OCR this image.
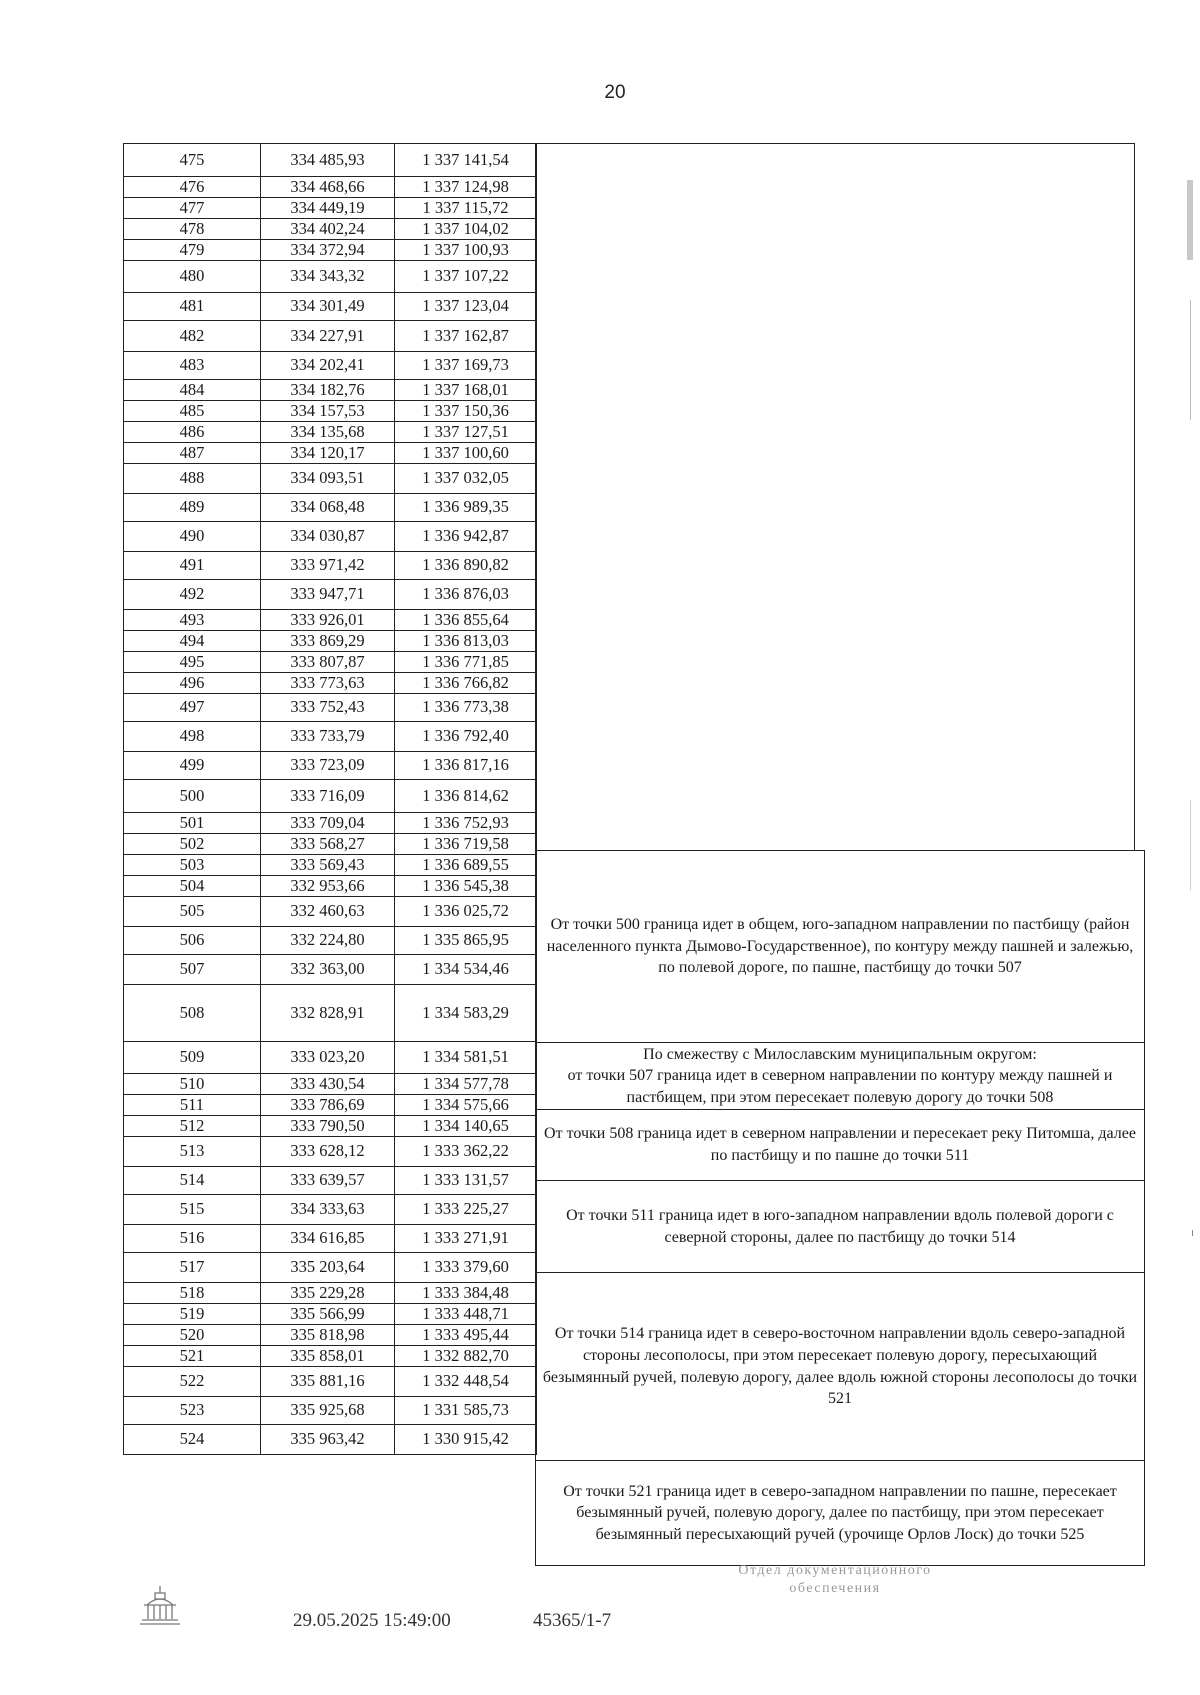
20
475	334 485,93	1 337 141,54
476	334 468,66	1 337 124,98
477	334 449,19	1 337 115,72
478	334 402,24	1 337 104,02
479	334 372,94	1 337 100,93
480	334 343,32	1 337 107,22
481	334 301,49	1 337 123,04
482	334 227,91	1 337 162,87
483	334 202,41	1 337 169,73
484	334 182,76	1 337 168,01
485	334 157,53	1 337 150,36
486	334 135,68	1 337 127,51
487	334 120,17	1 337 100,60
488	334 093,51	1 337 032,05
489	334 068,48	1 336 989,35
490	334 030,87	1 336 942,87
491	333 971,42	1 336 890,82
492	333 947,71	1 336 876,03
493	333 926,01	1 336 855,64
494	333 869,29	1 336 813,03
495	333 807,87	1 336 771,85
496	333 773,63	1 336 766,82
497	333 752,43	1 336 773,38
498	333 733,79	1 336 792,40
499	333 723,09	1 336 817,16
500	333 716,09	1 336 814,62
501	333 709,04	1 336 752,93
502	333 568,27	1 336 719,58
503	333 569,43	1 336 689,55
504	332 953,66	1 336 545,38
505	332 460,63	1 336 025,72
506	332 224,80	1 335 865,95
507	332 363,00	1 334 534,46
508	332 828,91	1 334 583,29
509	333 023,20	1 334 581,51
510	333 430,54	1 334 577,78
511	333 786,69	1 334 575,66
512	333 790,50	1 334 140,65
513	333 628,12	1 333 362,22
514	333 639,57	1 333 131,57
515	334 333,63	1 333 225,27
516	334 616,85	1 333 271,91
517	335 203,64	1 333 379,60
518	335 229,28	1 333 384,48
519	335 566,99	1 333 448,71
520	335 818,98	1 333 495,44
521	335 858,01	1 332 882,70
522	335 881,16	1 332 448,54
523	335 925,68	1 331 585,73
524	335 963,42	1 330 915,42
От точки 500 граница идет в общем, юго-западном направлении по пастбищу (район населенного пункта Дымово-Государственное), по контуру между пашней и залежью, по полевой дороге, по пашне, пастбищу до точки 507
По смежеству с Милославским муниципальным округом:
от точки 507 граница идет в северном направлении по контуру между пашней и пастбищем, при этом пересекает полевую дорогу до точки 508
От точки 508 граница идет в северном направлении и пересекает реку Питомша, далее по пастбищу и по пашне до точки 511
От точки 511 граница идет в юго-западном направлении вдоль полевой дороги с северной стороны, далее по пастбищу до точки 514
От точки 514 граница идет в северо-восточном направлении вдоль северо-западной стороны лесополосы, при этом пересекает полевую дорогу, пересыхающий безымянный ручей, полевую дорогу, далее вдоль южной стороны лесополосы до точки 521
От точки 521 граница идет в северо-западном направлении по пашне, пересекает безымянный ручей, полевую дорогу, далее по пастбищу, при этом пересекает безымянный пересыхающий ручей (урочище Орлов Лоск) до точки 525
29.05.2025 15:49:00	45365/1-7
Отдел документационного обеспечения
